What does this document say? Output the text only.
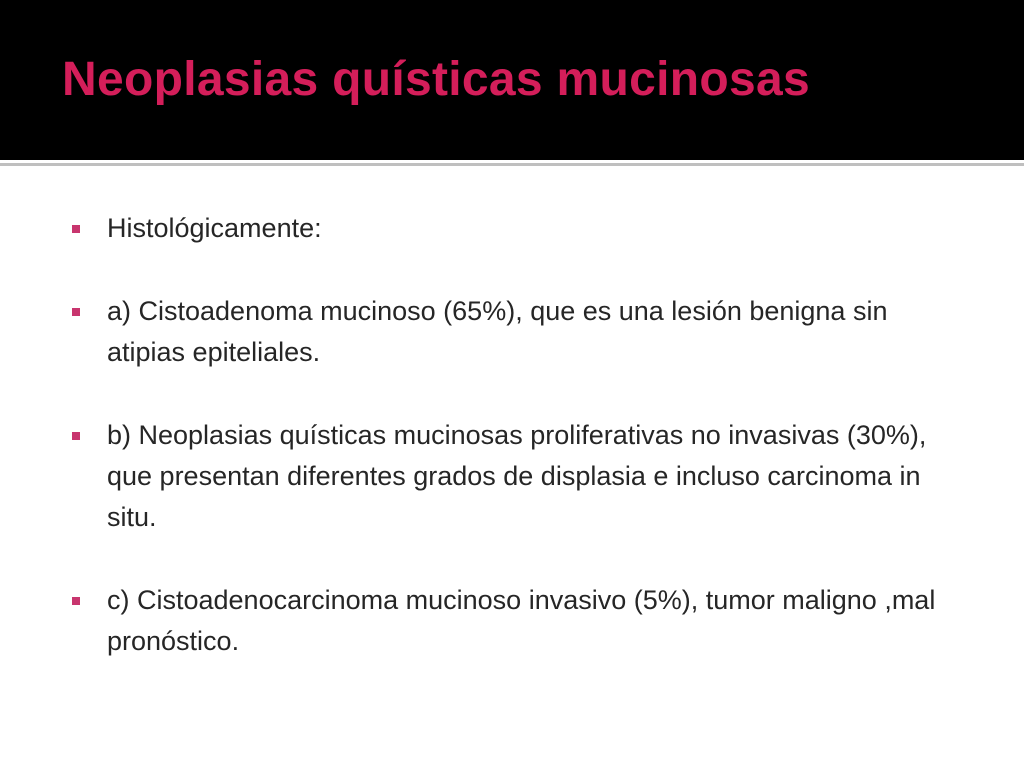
Neoplasias quísticas mucinosas
Histológicamente:
a) Cistoadenoma mucinoso (65%), que es una lesión benigna sin atipias epiteliales.
b) Neoplasias quísticas mucinosas proliferativas no invasivas (30%), que presentan diferentes grados de displasia e incluso carcinoma in situ.
c) Cistoadenocarcinoma mucinoso invasivo (5%), tumor maligno ,mal pronóstico.
